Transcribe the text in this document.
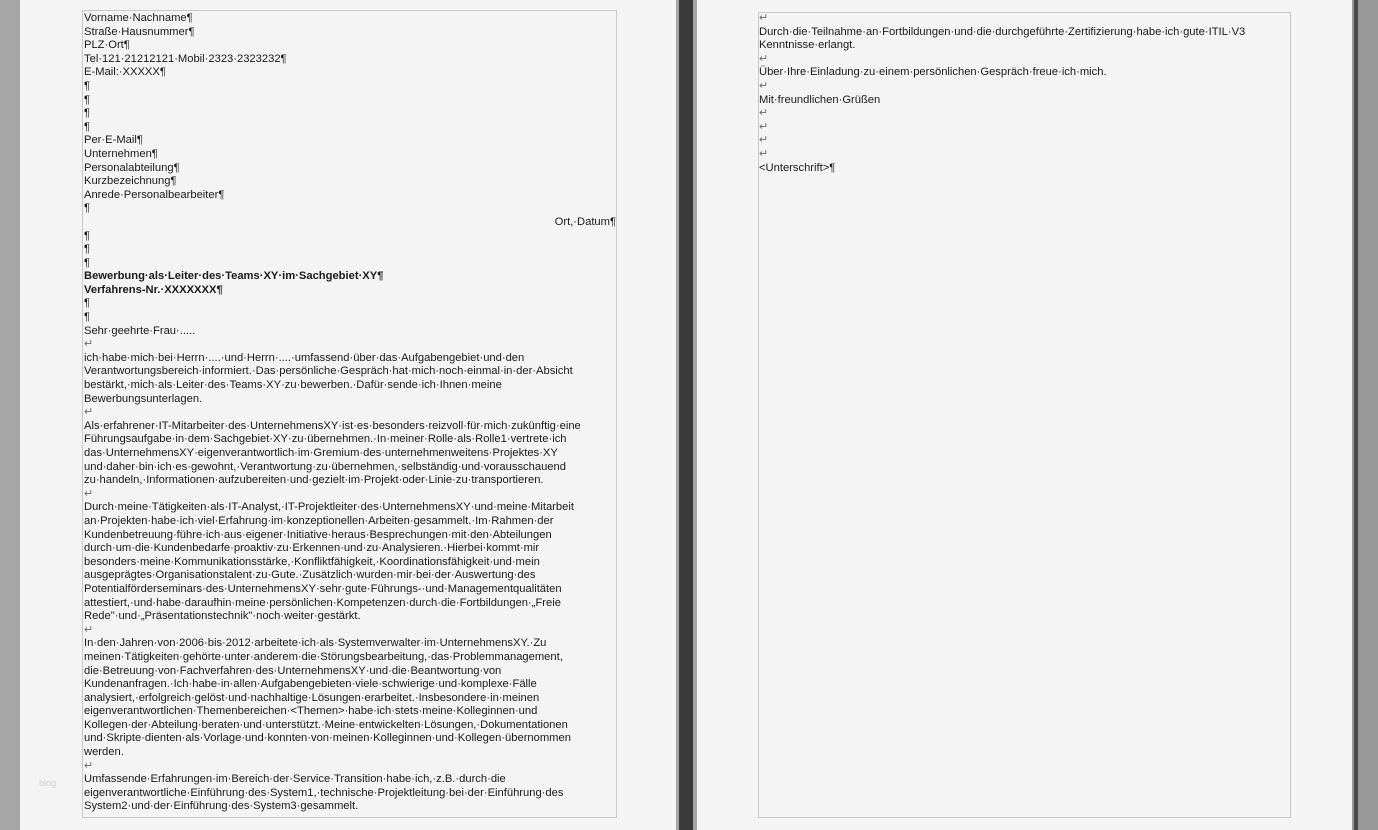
Vorname·Nachname¶
Straße·Hausnummer¶
PLZ·Ort¶
Tel·121·21212121·Mobil·2323·2323232¶
E-Mail:·XXXXX¶
¶
¶
¶
¶
Per·E-Mail¶
Unternehmen¶
Personalabteilung¶
Kurzbezeichnung¶
Anrede·Personalbearbeiter¶
¶
Ort,·Datum¶
¶
¶
¶
Bewerbung·als·Leiter·des·Teams·XY·im·Sachgebiet·XY¶
Verfahrens-Nr.·XXXXXXX¶
¶
¶
Sehr·geehrte·Frau·.....
↵
ich·habe·mich·bei·Herrn·....·und·Herrn·....·umfassend·über·das·Aufgabengebiet·und·den
Verantwortungsbereich·informiert.·Das·persönliche·Gespräch·hat·mich·noch·einmal·in·der·Absicht
bestärkt,·mich·als·Leiter·des·Teams·XY·zu·bewerben.·Dafür·sende·ich·Ihnen·meine
Bewerbungsunterlagen.
↵
Als·erfahrener·IT-Mitarbeiter·des·UnternehmensXY·ist·es·besonders·reizvoll·für·mich·zukünftig·eine
Führungsaufgabe·in·dem·Sachgebiet·XY·zu·übernehmen.·In·meiner·Rolle·als·Rolle1·vertrete·ich
das·UnternehmensXY·eigenverantwortlich·im·Gremium·des·unternehmenweitens·Projektes·XY
und·daher·bin·ich·es·gewohnt,·Verantwortung·zu·übernehmen,·selbständig·und·vorausschauend
zu·handeln,·Informationen·aufzubereiten·und·gezielt·im·Projekt·oder·Linie·zu·transportieren.
↵
Durch·meine·Tätigkeiten·als·IT-Analyst,·IT-Projektleiter·des·UnternehmensXY·und·meine·Mitarbeit
an·Projekten·habe·ich·viel·Erfahrung·im·konzeptionellen·Arbeiten·gesammelt.·Im·Rahmen·der
Kundenbetreuung·führe·ich·aus·eigener·Initiative·heraus·Besprechungen·mit·den·Abteilungen
durch·um·die·Kundenbedarfe·proaktiv·zu·Erkennen·und·zu·Analysieren.·Hierbei·kommt·mir
besonders·meine·Kommunikationsstärke,·Konfliktfähigkeit,·Koordinationsfähigkeit·und·mein
ausgeprägtes·Organisationstalent·zu·Gute.·Zusätzlich·wurden·mir·bei·der·Auswertung·des
Potentialförderseminars·des·UnternehmensXY·sehr·gute·Führungs-·und·Managementqualitäten
attestiert,·und·habe·daraufhin·meine·persönlichen·Kompetenzen·durch·die·Fortbildungen·„Freie
Rede"·und·„Präsentationstechnik"·noch·weiter·gestärkt.
↵
In·den·Jahren·von·2006·bis·2012·arbeitete·ich·als·Systemverwalter·im·UnternehmensXY.·Zu
meinen·Tätigkeiten·gehörte·unter·anderem·die·Störungsbearbeitung,·das·Problemmanagement,
die·Betreuung·von·Fachverfahren·des·UnternehmensXY·und·die·Beantwortung·von
Kundenanfragen.·Ich·habe·in·allen·Aufgabengebieten·viele·schwierige·und·komplexe·Fälle
analysiert,·erfolgreich·gelöst·und·nachhaltige·Lösungen·erarbeitet.·Insbesondere·in·meinen
eigenverantwortlichen·Themenbereichen·<Themen>·habe·ich·stets·meine·Kolleginnen·und
Kollegen·der·Abteilung·beraten·und·unterstützt.·Meine·entwickelten·Lösungen,·Dokumentationen
und·Skripte·dienten·als·Vorlage·und·konnten·von·meinen·Kolleginnen·und·Kollegen·übernommen
werden.
↵
Umfassende·Erfahrungen·im·Bereich·der·Service·Transition·habe·ich,·z.B.·durch·die
eigenverantwortliche·Einführung·des·System1,·technische·Projektleitung·bei·der·Einführung·des
System2·und·der·Einführung·des·System3·gesammelt.
blog
↵
Durch·die·Teilnahme·an·Fortbildungen·und·die·durchgeführte·Zertifizierung·habe·ich·gute·ITIL·V3
Kenntnisse·erlangt.
↵
Über·Ihre·Einladung·zu·einem·persönlichen·Gespräch·freue·ich·mich.
↵
Mit·freundlichen·Grüßen
↵
↵
↵
↵
<Unterschrift>¶
